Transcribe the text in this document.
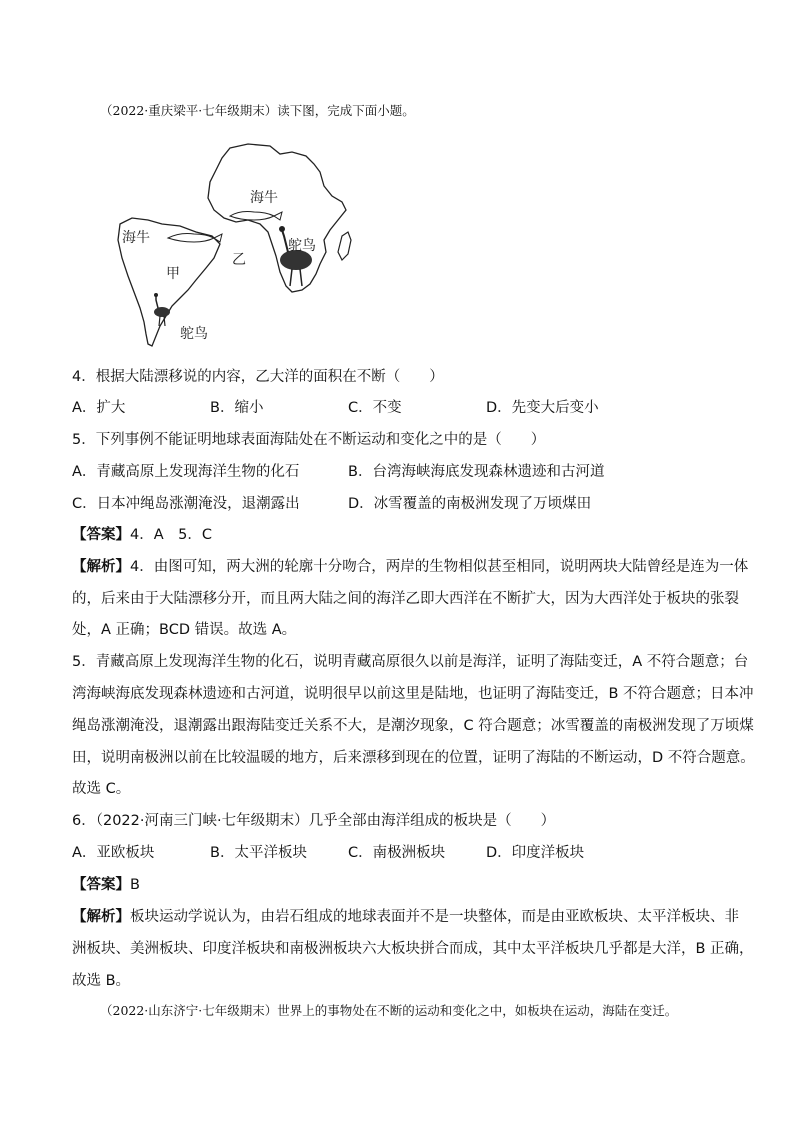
（2022·重庆梁平·七年级期末）读下图，完成下面小题。
海牛
海牛
甲
乙
鸵鸟
鸵鸟
4．根据大陆漂移说的内容，乙大洋的面积在不断（　　）
A．扩大	B．缩小	C．不变	D．先变大后变小
5．下列事例不能证明地球表面海陆处在不断运动和变化之中的是（　　）
A．青藏高原上发现海洋生物的化石	B．台湾海峡海底发现森林遗迹和古河道
C．日本冲绳岛涨潮淹没，退潮露出	D．冰雪覆盖的南极洲发现了万顷煤田
【答案】4．A　5．C
【解析】4．由图可知，两大洲的轮廓十分吻合，两岸的生物相似甚至相同，说明两块大陆曾经是连为一体
的，后来由于大陆漂移分开，而且两大陆之间的海洋乙即大西洋在不断扩大，因为大西洋处于板块的张裂
处，A 正确；BCD 错误。故选 A。
5．青藏高原上发现海洋生物的化石，说明青藏高原很久以前是海洋，证明了海陆变迁，A 不符合题意；台
湾海峡海底发现森林遗迹和古河道，说明很早以前这里是陆地，也证明了海陆变迁，B 不符合题意；日本冲
绳岛涨潮淹没，退潮露出跟海陆变迁关系不大，是潮汐现象，C 符合题意；冰雪覆盖的南极洲发现了万顷煤
田，说明南极洲以前在比较温暖的地方，后来漂移到现在的位置，证明了海陆的不断运动，D 不符合题意。
故选 C。
6．（2022·河南三门峡·七年级期末）几乎全部由海洋组成的板块是（　　）
A．亚欧板块	B．太平洋板块	C．南极洲板块	D．印度洋板块
【答案】B
【解析】板块运动学说认为，由岩石组成的地球表面并不是一块整体，而是由亚欧板块、太平洋板块、非
洲板块、美洲板块、印度洋板块和南极洲板块六大板块拼合而成，其中太平洋板块几乎都是大洋，B 正确，
故选 B。
（2022·山东济宁·七年级期末）世界上的事物处在不断的运动和变化之中，如板块在运动，海陆在变迁。
